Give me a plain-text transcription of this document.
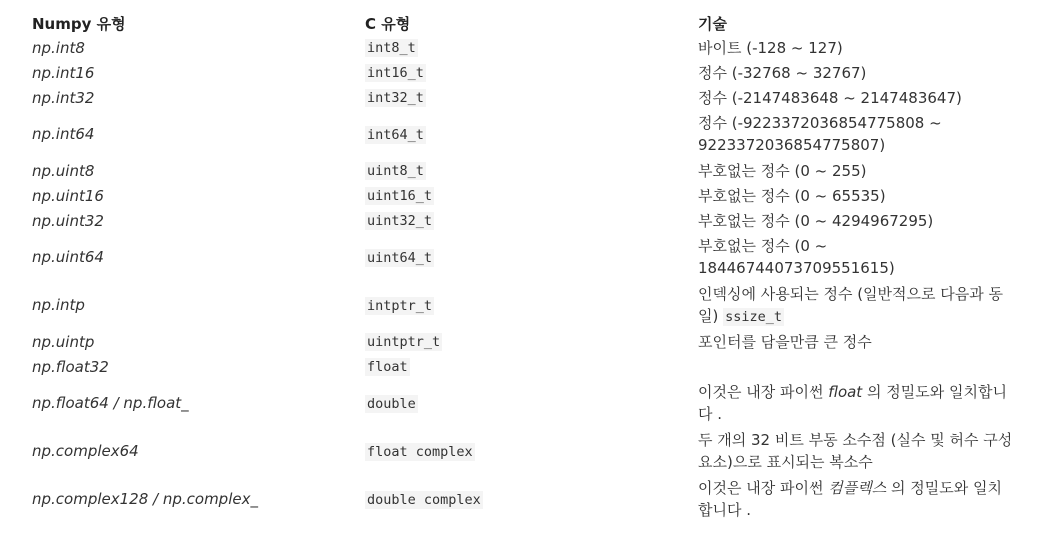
Numpy 유형	C 유형	기술
np.int8	int8_t	바이트 (-128 ~ 127)
np.int16	int16_t	정수 (-32768 ~ 32767)
np.int32	int32_t	정수 (-2147483648 ~ 2147483647)
np.int64	int64_t	정수 (-9223372036854775808 ~ 9223372036854775807)
np.uint8	uint8_t	부호없는 정수 (0 ~ 255)
np.uint16	uint16_t	부호없는 정수 (0 ~ 65535)
np.uint32	uint32_t	부호없는 정수 (0 ~ 4294967295)
np.uint64	uint64_t	부호없는 정수 (0 ~ 18446744073709551615)
np.intp	intptr_t	인덱싱에 사용되는 정수 (일반적으로 다음과 동일) ssize_t
np.uintp	uintptr_t	포인터를 담을만큼 큰 정수
np.float32	float	
np.float64 / np.float_	double	이것은 내장 파이썬 float 의 정밀도와 일치합니다 .
np.complex64	float complex	두 개의 32 비트 부동 소수점 (실수 및 허수 구성 요소)으로 표시되는 복소수
np.complex128 / np.complex_	double complex	이것은 내장 파이썬 컴플렉스 의 정밀도와 일치합니다 .
